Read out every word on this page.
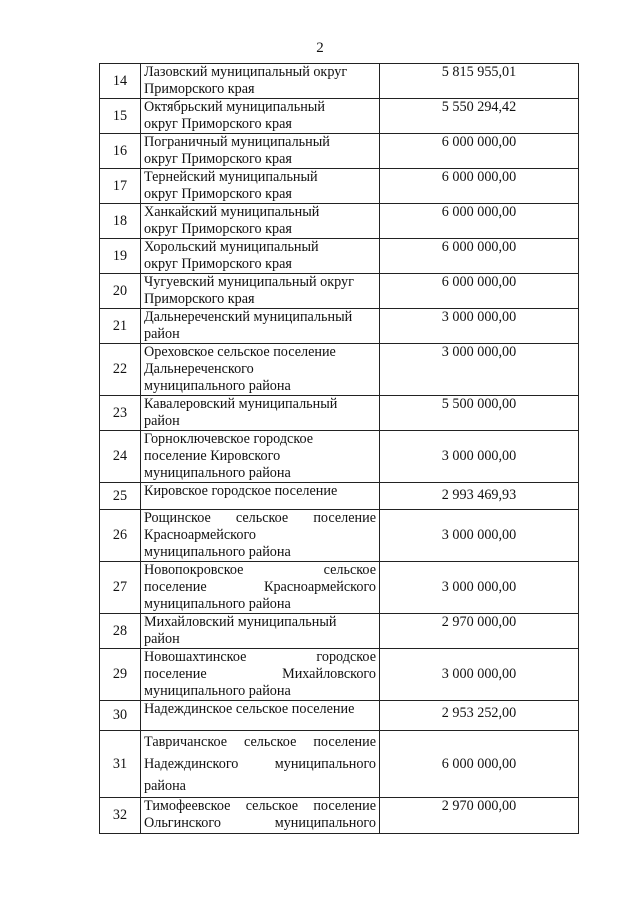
2
14	Лазовский муниципальный округ
Приморского края	5 815 955,01
15	Октябрьский муниципальный
округ Приморского края	5 550 294,42
16	Пограничный муниципальный
округ Приморского края	6 000 000,00
17	Тернейский муниципальный
округ Приморского края	6 000 000,00
18	Ханкайский муниципальный
округ Приморского края	6 000 000,00
19	Хорольский муниципальный
округ Приморского края	6 000 000,00
20	Чугуевский муниципальный округ
Приморского края	6 000 000,00
21	Дальнереченский муниципальный
район	3 000 000,00
22	Ореховское сельское поселение
Дальнереченского
муниципального района	3 000 000,00
23	Кавалеровский муниципальный
район	5 500 000,00
24	Горноключевское городское
поселение Кировского
муниципального района	3 000 000,00
25	Кировское городское поселение	2 993 469,93
26	Рощинское сельское поселение
Красноармейского
муниципального района	3 000 000,00
27	Новопокровское сельское
поселение Красноармейского
муниципального района	3 000 000,00
28	Михайловский муниципальный
район	2 970 000,00
29	Новошахтинское городское
поселение Михайловского
муниципального района	3 000 000,00
30	Надеждинское сельское поселение	2 953 252,00
31	Тавричанское сельское поселение
Надеждинского муниципального
района	6 000 000,00
32	Тимофеевское сельское поселение
Ольгинского муниципального	2 970 000,00
